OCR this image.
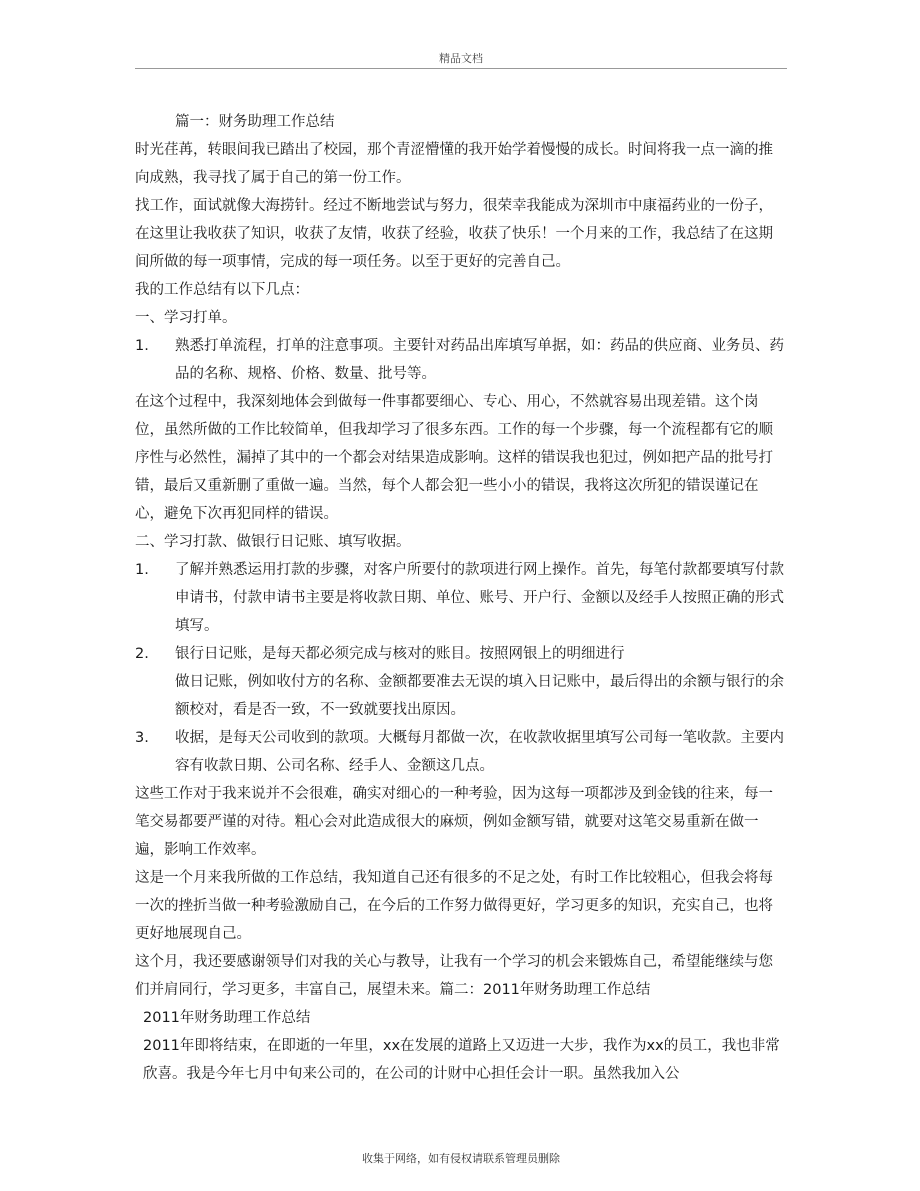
精品文档

篇一：财务助理工作总结

时光荏苒，转眼间我已踏出了校园，那个青涩懵懂的我开始学着慢慢的成长。时间将我一点一滴的推向成熟，我寻找了属于自己的第一份工作。

找工作，面试就像大海捞针。经过不断地尝试与努力，很荣幸我能成为深圳市中康福药业的一份子，在这里让我收获了知识，收获了友情，收获了经验，收获了快乐！一个月来的工作，我总结了在这期间所做的每一项事情，完成的每一项任务。以至于更好的完善自己。

我的工作总结有以下几点：

一、学习打单。

1. 熟悉打单流程，打单的注意事项。主要针对药品出库填写单据，如：药品的供应商、业务员、药品的名称、规格、价格、数量、批号等。

在这个过程中，我深刻地体会到做每一件事都要细心、专心、用心，不然就容易出现差错。这个岗位，虽然所做的工作比较简单，但我却学习了很多东西。工作的每一个步骤，每一个流程都有它的顺序性与必然性，漏掉了其中的一个都会对结果造成影响。这样的错误我也犯过，例如把产品的批号打错，最后又重新删了重做一遍。当然，每个人都会犯一些小小的错误，我将这次所犯的错误谨记在心，避免下次再犯同样的错误。

二、学习打款、做银行日记账、填写收据。

1. 了解并熟悉运用打款的步骤，对客户所要付的款项进行网上操作。首先，每笔付款都要填写付款申请书，付款申请书主要是将收款日期、单位、账号、开户行、金额以及经手人按照正确的形式填写。
2. 银行日记账，是每天都必须完成与核对的账目。按照网银上的明细进行

做日记账，例如收付方的名称、金额都要准去无误的填入日记账中，最后得出的余额与银行的余额校对，看是否一致，不一致就要找出原因。

3. 收据，是每天公司收到的款项。大概每月都做一次，在收款收据里填写公司每一笔收款。主要内容有收款日期、公司名称、经手人、金额这几点。

这些工作对于我来说并不会很难，确实对细心的一种考验，因为这每一项都涉及到金钱的往来，每一笔交易都要严谨的对待。粗心会对此造成很大的麻烦，例如金额写错，就要对这笔交易重新在做一遍，影响工作效率。

这是一个月来我所做的工作总结，我知道自己还有很多的不足之处，有时工作比较粗心，但我会将每一次的挫折当做一种考验激励自己，在今后的工作努力做得更好，学习更多的知识，充实自己，也将更好地展现自己。

这个月，我还要感谢领导们对我的关心与教导，让我有一个学习的机会来锻炼自己，希望能继续与您们并肩同行，学习更多，丰富自己，展望未来。篇二：2011年财务助理工作总结

2011年财务助理工作总结

2011年即将结束，在即逝的一年里，xx在发展的道路上又迈进一大步，我作为xx的员工，我也非常欣喜。我是今年七月中旬来公司的，在公司的计财中心担任会计一职。虽然我加入公

收集于网络，如有侵权请联系管理员删除
